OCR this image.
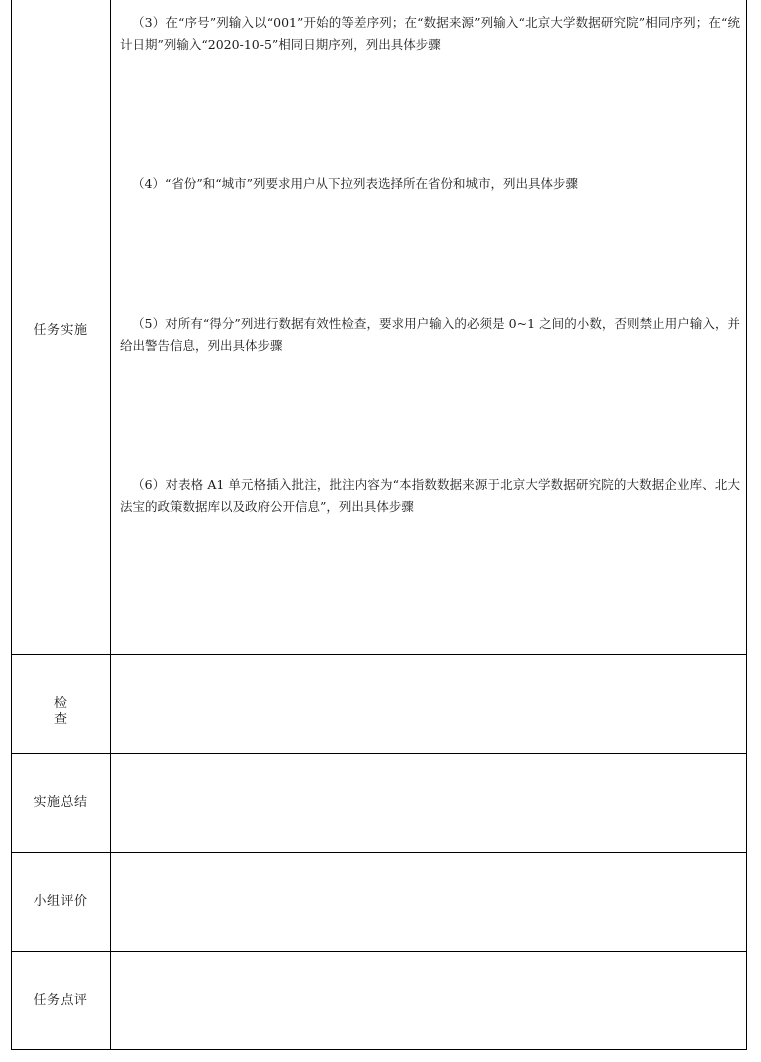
任务实施

（3）在“序号”列输入以“001”开始的等差序列；在“数据来源”列输入“北京大学数据研究院”相同序列；在“统计日期”列输入“2020-10-5”相同日期序列，列出具体步骤

（4）“省份”和“城市”列要求用户从下拉列表选择所在省份和城市，列出具体步骤

（5）对所有“得分”列进行数据有效性检查，要求用户输入的必须是 0~1 之间的小数，否则禁止用户输入，并给出警告信息，列出具体步骤

（6）对表格 A1 单元格插入批注，批注内容为“本指数数据来源于北京大学数据研究院的大数据企业库、北大法宝的政策数据库以及政府公开信息”，列出具体步骤

检查
实施总结
小组评价
任务点评
